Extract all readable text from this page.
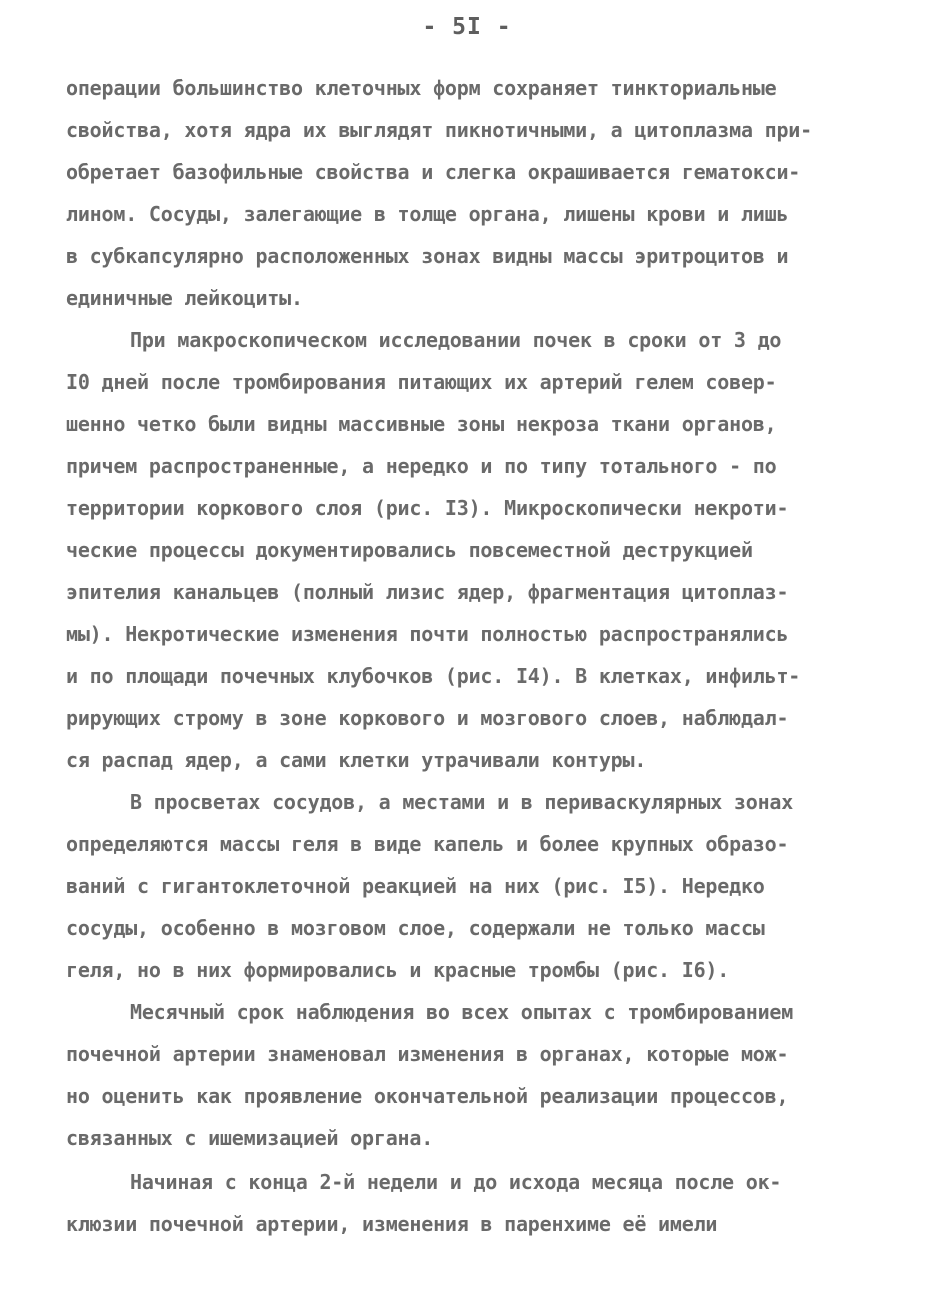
- 5I -
операции большинство клеточных форм сохраняет тинкториальные
свойства, хотя ядра их выглядят пикнотичными, а цитоплазма при-
обретает базофильные свойства и слегка окрашивается гематокси-
лином. Сосуды, залегающие в толще органа, лишены крови и лишь
в субкапсулярно расположенных зонах видны массы эритроцитов и
единичные лейкоциты.
При макроскопическом исследовании почек в сроки от 3 до
I0 дней после тромбирования питающих их артерий гелем совер-
шенно четко были видны массивные зоны некроза ткани органов,
причем распространенные, а нередко и по типу тотального - по
территории коркового слоя (рис. I3). Микроскопически некроти-
ческие процессы документировались повсеместной деструкцией
эпителия канальцев (полный лизис ядер, фрагментация цитоплаз-
мы). Некротические изменения почти полностью распространялись
и по площади почечных клубочков (рис. I4). В клетках, инфильт-
рирующих строму в зоне коркового и мозгового слоев, наблюдал-
ся распад ядер, а сами клетки утрачивали контуры.
В просветах сосудов, а местами и в периваскулярных зонах
определяются массы геля в виде капель и более крупных образо-
ваний с гигантоклеточной реакцией на них (рис. I5). Нередко
сосуды, особенно в мозговом слое, содержали не только массы
геля, но в них формировались и красные тромбы (рис. I6).
Месячный срок наблюдения во всех опытах с тромбированием
почечной артерии знаменовал изменения в органах, которые мож-
но оценить как проявление окончательной реализации процессов,
связанных с ишемизацией органа.
Начиная с конца 2-й недели и до исхода месяца после ок-
клюзии почечной артерии, изменения в паренхиме её имели
